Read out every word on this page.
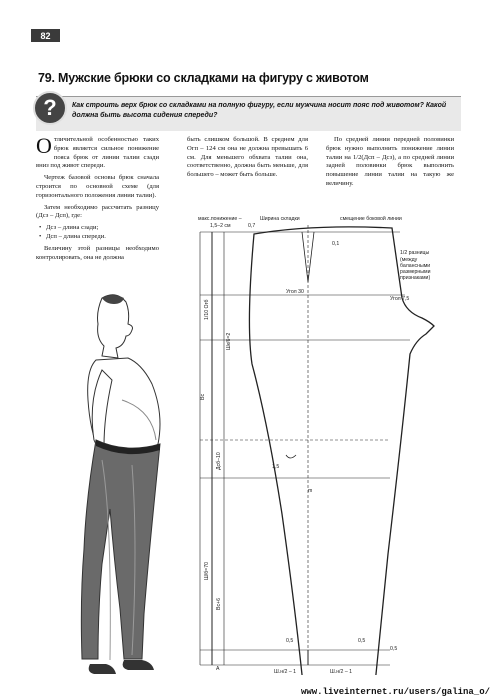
82
79. Мужские брюки со складками на фигуру с животом
?	Как строить верх брюк со складками на полную фигуру, если мужчина носит пояс под животом? Какой должна быть высота сидения спереди?

Отличительной особенностью таких брюк является сильное понижение пояса брюк от линии талии сзади вниз под живот спереди.

Чертеж базовой основы брюк сначала строится по основной схеме (для горизонтального положения линии талии).

Затем необходимо рассчитать разницу (Дсз – Дсп), где:

• Дсз – длина сзади;
• Дсп – длина спереди.

Величину этой разницы необходимо контролировать, она не должна

быть слишком большой. В среднем для Огп – 124 см она не должна превышать 6 см. Для меньшего обхвата талии она, соответственно, должна быть меньше, для большего – может быть больше.

По средней линии передней половинки брюк нужно выполнить понижение линии талии на 1/2(Дсп – Дсз), а по средней линии задней половинки брюк выполнить повышение линии талии на такую же величину.

макс.понижение –
1,5–2 см
Ширина складки	смещение боковой линии
0,7
0,1
1/2 разницы
(между
балансными
размерными
признаками)
Угол 30
Угол 7,5
1,5
m
0,5	0,5
0,5
A	Ш.н/2 – 1	Ш.н/2 – 1
1/10 Огб
Вс
Дсб–10
Ш/б=70
Вс+6
Шк/6=2
www.liveinternet.ru/users/galina_o/
